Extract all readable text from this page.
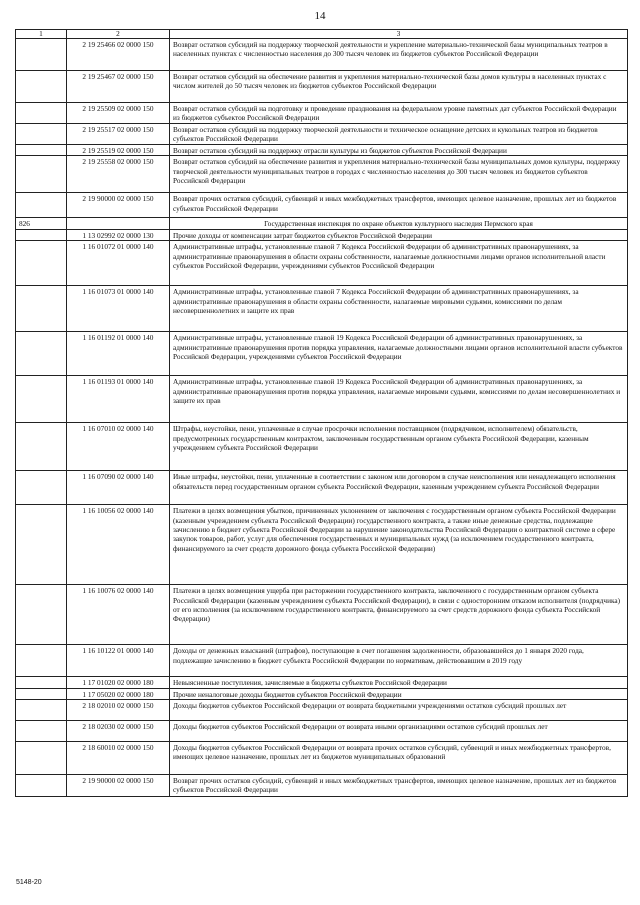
14
1	2	3
	2 19 25466 02 0000 150	Возврат остатков субсидий на поддержку творческой деятельности и укрепление материально-технической базы муниципальных театров в населенных пунктах с численностью населения до 300 тысяч человек из бюджетов субъектов Российской Федерации
	2 19 25467 02 0000 150	Возврат остатков субсидий на обеспечение развития и укрепления материально-технической базы домов культуры в населенных пунктах с числом жителей до 50 тысяч человек из бюджетов субъектов Российской Федерации
	2 19 25509 02 0000 150	Возврат остатков субсидий на подготовку и проведение празднования на федеральном уровне памятных дат субъектов Российской Федерации из бюджетов субъектов Российской Федерации
	2 19 25517 02 0000 150	Возврат остатков субсидий на поддержку творческой деятельности и техническое оснащение детских и кукольных театров из бюджетов субъектов Российской Федерации
	2 19 25519 02 0000 150	Возврат остатков субсидий на поддержку отрасли культуры из бюджетов субъектов Российской Федерации
	2 19 25558 02 0000 150	Возврат остатков субсидий на обеспечение развития и укрепления материально-технической базы муниципальных домов культуры, поддержку творческой деятельности муниципальных театров в городах с численностью населения до 300 тысяч человек из бюджетов субъектов Российской Федерации
	2 19 90000 02 0000 150	Возврат прочих остатков субсидий, субвенций и иных межбюджетных трансфертов, имеющих целевое назначение, прошлых лет из бюджетов субъектов Российской Федерации
826		Государственная инспекция по охране объектов культурного наследия Пермского края
	1 13 02992 02 0000 130	Прочие доходы от компенсации затрат бюджетов субъектов Российской Федерации
	1 16 01072 01 0000 140	Административные штрафы, установленные главой 7 Кодекса Российской Федерации об административных правонарушениях, за административные правонарушения в области охраны собственности, налагаемые должностными лицами органов исполнительной власти субъектов Российской Федерации, учреждениями субъектов Российской Федерации
	1 16 01073 01 0000 140	Административные штрафы, установленные главой 7 Кодекса Российской Федерации об административных правонарушениях, за административные правонарушения в области охраны собственности, налагаемые мировыми судьями, комиссиями по делам несовершеннолетних и защите их прав
	1 16 01192 01 0000 140	Административные штрафы, установленные главой 19 Кодекса Российской Федерации об административных правонарушениях, за административные правонарушения против порядка управления, налагаемые должностными лицами органов исполнительной власти субъектов Российской Федерации, учреждениями субъектов Российской Федерации
	1 16 01193 01 0000 140	Административные штрафы, установленные главой 19 Кодекса Российской Федерации об административных правонарушениях, за административные правонарушения против порядка управления, налагаемые мировыми судьями, комиссиями по делам несовершеннолетних и защите их прав
	1 16 07010 02 0000 140	Штрафы, неустойки, пени, уплаченные в случае просрочки исполнения поставщиком (подрядчиком, исполнителем) обязательств, предусмотренных государственным контрактом, заключенным государственным органом субъекта Российской Федерации, казенным учреждением субъекта Российской Федерации
	1 16 07090 02 0000 140	Иные штрафы, неустойки, пени, уплаченные в соответствии с законом или договором в случае неисполнения или ненадлежащего исполнения обязательств перед государственным органом субъекта Российской Федерации, казенным учреждением субъекта Российской Федерации
	1 16 10056 02 0000 140	Платежи в целях возмещения убытков, причиненных уклонением от заключения с государственным органом субъекта Российской Федерации (казенным учреждением субъекта Российской Федерации) государственного контракта, а также иные денежные средства, подлежащие зачислению в бюджет субъекта Российской Федерации за нарушение законодательства Российской Федерации о контрактной системе в сфере закупок товаров, работ, услуг для обеспечения государственных и муниципальных нужд (за исключением государственного контракта, финансируемого за счет средств дорожного фонда субъекта Российской Федерации)
	1 16 10076 02 0000 140	Платежи в целях возмещения ущерба при расторжении государственного контракта, заключенного с государственным органом субъекта Российской Федерации (казенным учреждением субъекта Российской Федерации), в связи с односторонним отказом исполнителя (подрядчика) от его исполнения (за исключением государственного контракта, финансируемого за счет средств дорожного фонда субъекта Российской Федерации)
	1 16 10122 01 0000 140	Доходы от денежных взысканий (штрафов), поступающие в счет погашения задолженности, образовавшейся до 1 января 2020 года, подлежащие зачислению в бюджет субъекта Российской Федерации по нормативам, действовавшим в 2019 году
	1 17 01020 02 0000 180	Невыясненные поступления, зачисляемые в бюджеты субъектов Российской Федерации
	1 17 05020 02 0000 180	Прочие неналоговые доходы бюджетов субъектов Российской Федерации
	2 18 02010 02 0000 150	Доходы бюджетов субъектов Российской Федерации от возврата бюджетными учреждениями остатков субсидий прошлых лет
	2 18 02030 02 0000 150	Доходы бюджетов субъектов Российской Федерации от возврата иными организациями остатков субсидий прошлых лет
	2 18 60010 02 0000 150	Доходы бюджетов субъектов Российской Федерации от возврата прочих остатков субсидий, субвенций и иных межбюджетных трансфертов, имеющих целевое назначение, прошлых лет из бюджетов муниципальных образований
	2 19 90000 02 0000 150	Возврат прочих остатков субсидий, субвенций и иных межбюджетных трансфертов, имеющих целевое назначение, прошлых лет из бюджетов субъектов Российской Федерации
5148-20
